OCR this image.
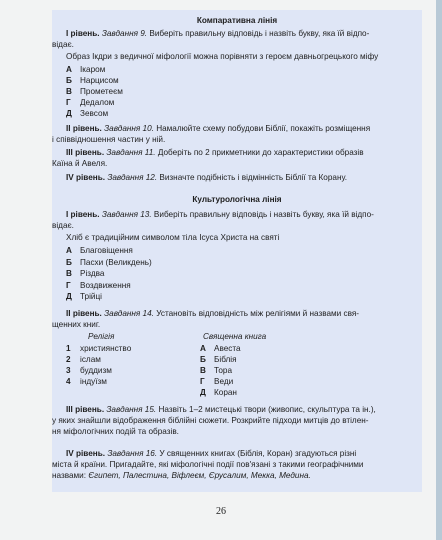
Компаративна лінія
I рівень. Завдання 9. Виберіть правильну відповідь і назвіть букву, яка їй відпо-
відає.
Образ Ікдри з ведичної міфології можна порівняти з героєм давньогрецького міфу
А Ікаром
Б Нарцисом
В Прометеєм
Г Дедалом
Д Зевсом
II рівень. Завдання 10. Намалюйте схему побудови Біблії, покажіть розміщення
і співвідношення частин у ній.
III рівень. Завдання 11. Доберіть по 2 прикметники до характеристики образів
Каїна й Авеля.
IV рівень. Завдання 12. Визначте подібність і відмінність Біблії та Корану.
Культурологічна лінія
I рівень. Завдання 13. Виберіть правильну відповідь і назвіть букву, яка їй відпо-
відає.
Хліб є традиційним символом тіла Ісуса Христа на святі
А Благовіщення
Б Пасхи (Великдень)
В Різдва
Г Воздвиження
Д Трійці
II рівень. Завдання 14. Установіть відповідність між релігіями й назвами свя-
щенних книг.
Релігія	Священна книга
1 християнство
2 іслам
3 буддизм
4 індуїзм
А Авеста
Б Біблія
В Тора
Г Веди
Д Коран
III рівень. Завдання 15. Назвіть 1–2 мистецькі твори (живопис, скульптура та ін.),
у яких знайшли відображення біблійні сюжети. Розкрийте підходи митців до втілен-
ня міфологічних подій та образів.
IV рівень. Завдання 16. У священних книгах (Біблія, Коран) згадуються різні
міста й країни. Пригадайте, які міфологічні події пов'язані з такими географічними
назвами: Єгипет, Палестина, Віфлеєм, Єрусалим, Мекка, Медина.
26
